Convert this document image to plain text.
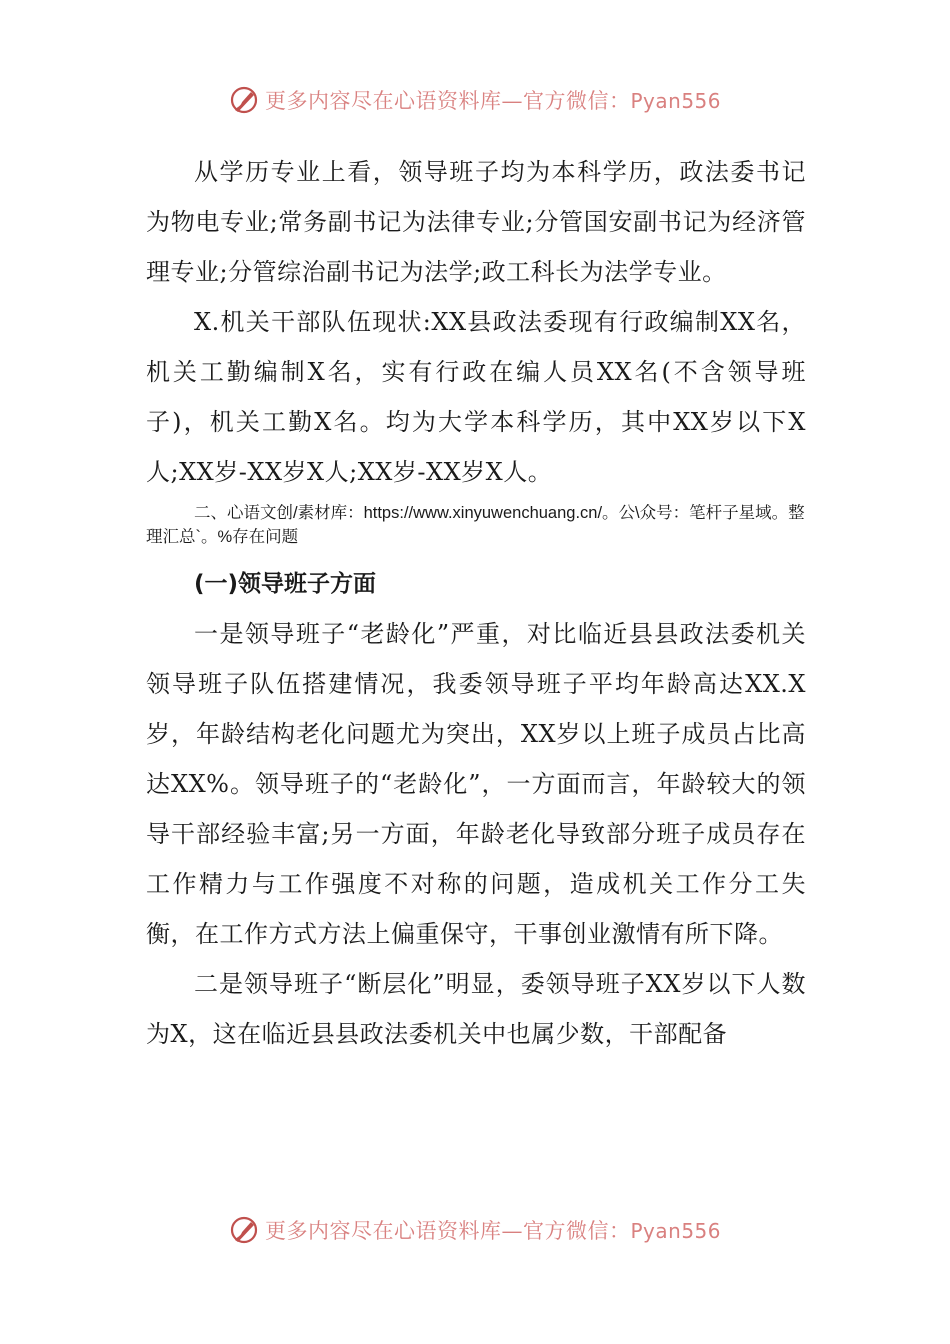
更多内容尽在心语资料库—官方微信：Pyan556

从学历专业上看，领导班子均为本科学历，政法委书记为物电专业;常务副书记为法律专业;分管国安副书记为经济管理专业;分管综治副书记为法学;政工科长为法学专业。

X.机关干部队伍现状:XX县政法委现有行政编制XX名，机关工勤编制X名，实有行政在编人员XX名(不含领导班子)，机关工勤X名。均为大学本科学历，其中XX岁以下X人;XX岁-XX岁X人;XX岁-XX岁X人。

二、心语文创/素材库：https://www.xinyuwenchuang.cn/。公\众号：笔杆子星域。整理汇总`。%存在问题

(一)领导班子方面

一是领导班子“老龄化”严重，对比临近县县政法委机关领导班子队伍搭建情况，我委领导班子平均年龄高达XX.X岁，年龄结构老化问题尤为突出，XX岁以上班子成员占比高达XX%。领导班子的“老龄化”，一方面而言，年龄较大的领导干部经验丰富;另一方面，年龄老化导致部分班子成员存在工作精力与工作强度不对称的问题，造成机关工作分工失衡，在工作方式方法上偏重保守，干事创业激情有所下降。

二是领导班子“断层化”明显，委领导班子XX岁以下人数为X，这在临近县县政法委机关中也属少数，干部配备

更多内容尽在心语资料库—官方微信：Pyan556
